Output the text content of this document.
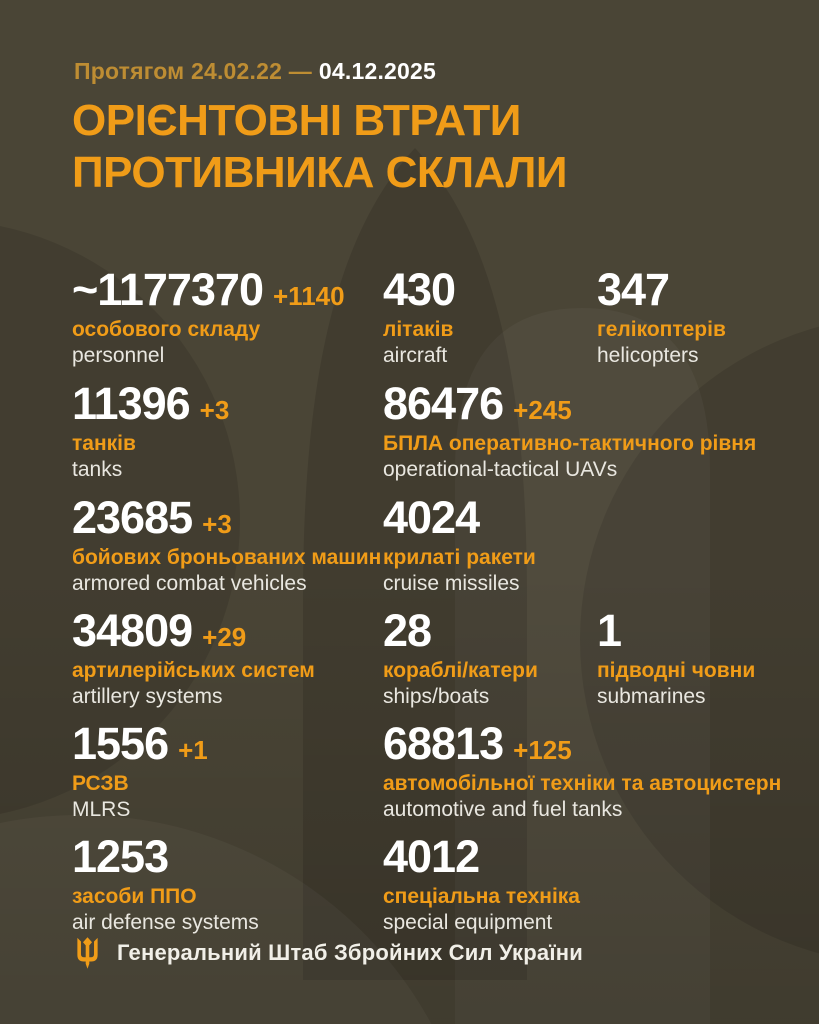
Протягом 24.02.22 — 04.12.2025
ОРІЄНТОВНІ ВТРАТИ
ПРОТИВНИКА СКЛАЛИ
~1177370 +1140
особового складу
personnel
430
літаків
aircraft
347
гелікоптерів
helicopters
11396 +3
танків
tanks
86476 +245
БПЛА оперативно-тактичного рівня
operational-tactical UAVs
23685 +3
бойових броньованих машин
armored combat vehicles
4024
крилаті ракети
cruise missiles
34809 +29
артилерійських систем
artillery systems
28
кораблі/катери
ships/boats
1
підводні човни
submarines
1556 +1
РСЗВ
MLRS
68813 +125
автомобільної техніки та автоцистерн
automotive and fuel tanks
1253
засоби ППО
air defense systems
4012
спеціальна техніка
special equipment
Генеральний Штаб Збройних Сил України
